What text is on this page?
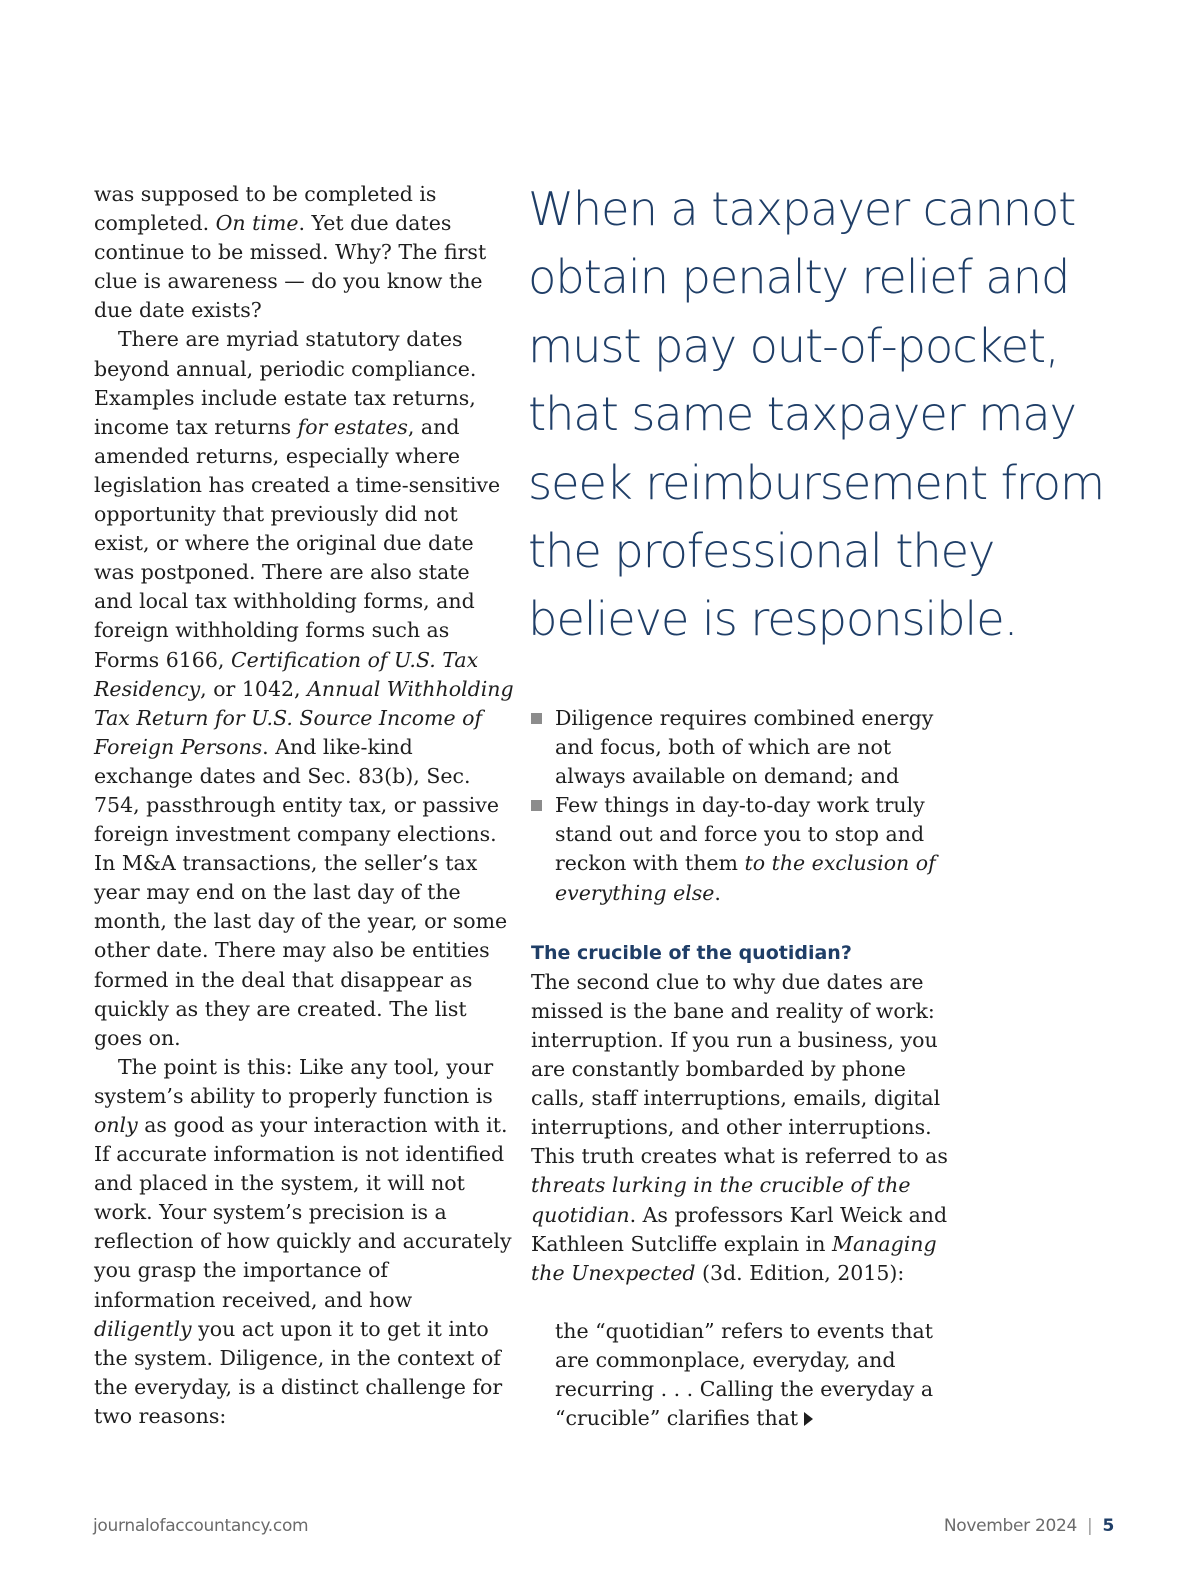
was supposed to be completed is completed. On time. Yet due dates continue to be missed. Why? The first clue is awareness — do you know the due date exists?

There are myriad statutory dates beyond annual, periodic compliance. Examples include estate tax returns, income tax returns for estates, and amended returns, especially where legislation has created a time-sensitive opportunity that previously did not exist, or where the original due date was postponed. There are also state and local tax withholding forms, and foreign withholding forms such as Forms 6166, Certification of U.S. Tax Residency, or 1042, Annual Withholding Tax Return for U.S. Source Income of Foreign Persons. And like-kind exchange dates and Sec. 83(b), Sec. 754, passthrough entity tax, or passive foreign investment company elections. In M&A transactions, the seller’s tax year may end on the last day of the month, the last day of the year, or some other date. There may also be entities formed in the deal that disappear as quickly as they are created. The list goes on.

The point is this: Like any tool, your system’s ability to properly function is only as good as your interaction with it. If accurate information is not identified and placed in the system, it will not work. Your system’s precision is a reflection of how quickly and accurately you grasp the importance of information received, and how diligently you act upon it to get it into the system. Diligence, in the context of the everyday, is a distinct challenge for two reasons:

When a taxpayer cannot obtain penalty relief and must pay out-of-pocket, that same taxpayer may seek reimbursement from the professional they believe is responsible.

Diligence requires combined energy and focus, both of which are not always available on demand; and
Few things in day-to-day work truly stand out and force you to stop and reckon with them to the exclusion of everything else.
The crucible of the quotidian?

The second clue to why due dates are missed is the bane and reality of work: interruption. If you run a business, you are constantly bombarded by phone calls, staff interruptions, emails, digital interruptions, and other interruptions. This truth creates what is referred to as threats lurking in the crucible of the quotidian. As professors Karl Weick and Kathleen Sutcliffe explain in Managing the Unexpected (3d. Edition, 2015):

the “quotidian” refers to events that are commonplace, everyday, and recurring . . . Calling the everyday a “crucible” clarifies that

journalofaccountancy.com	November 2024 | 5
